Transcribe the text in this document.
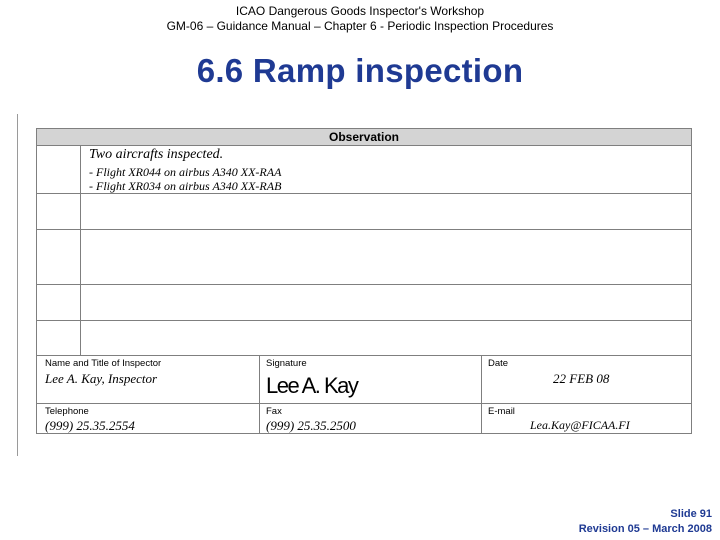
ICAO Dangerous Goods Inspector's Workshop
GM-06 – Guidance Manual – Chapter 6 - Periodic Inspection Procedures
6.6 Ramp inspection
Observation
Two aircrafts inspected.
- Flight XR044 on airbus A340 XX-RAA
- Flight XR034 on airbus A340 XX-RAB
Name and Title of Inspector
Lee A. Kay, Inspector
Signature
Lee A. Kay
Date
22 FEB 08
Telephone
(999) 25.35.2554
Fax
(999) 25.35.2500
E-mail
Lea.Kay@FICAA.FI
Slide 91
Revision 05 – March 2008
